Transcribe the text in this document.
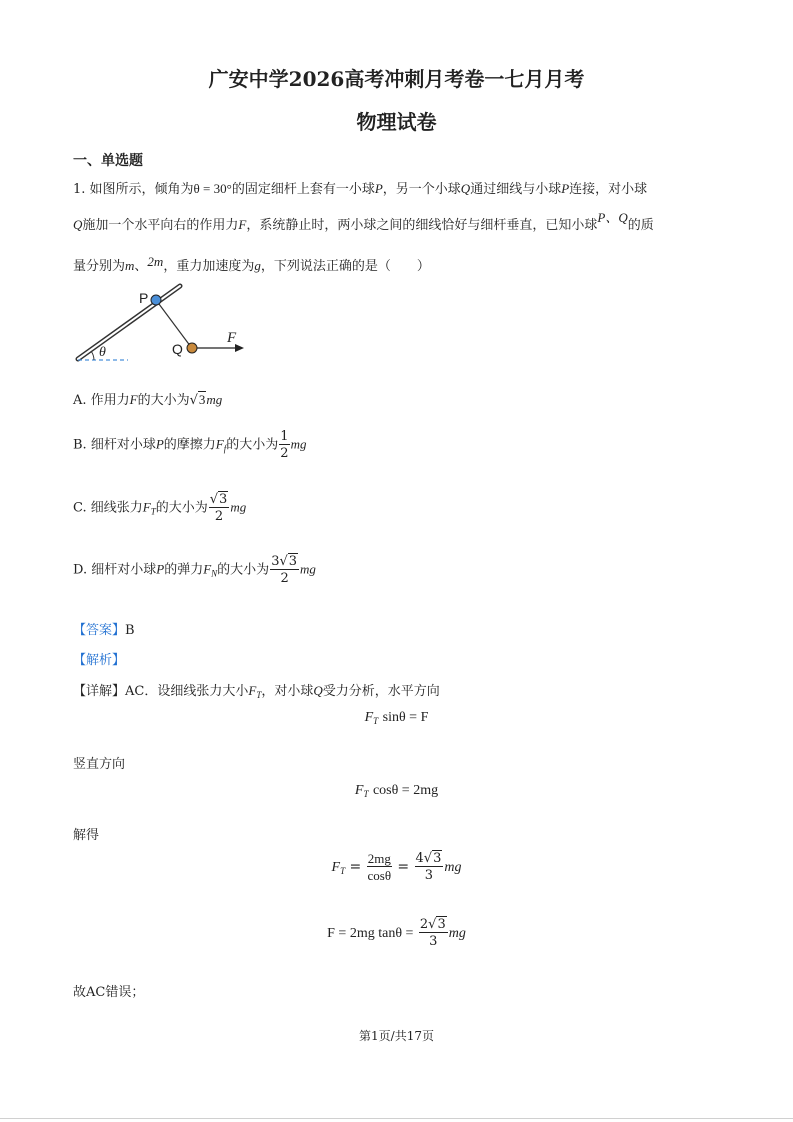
广安中学2026高考冲刺月考卷一七月月考
物理试卷
一、单选题
1. 如图所示，倾角为θ = 30°的固定细杆上套有一小球P，另一个小球Q通过细线与小球P连接，对小球
Q施加一个水平向右的作用力F，系统静止时，两小球之间的细线恰好与细杆垂直，已知小球P、Q的质
量分别为m、2m，重力加速度为g，下列说法正确的是（　　）
θ
P
Q
F
A. 作用力F的大小为√3mg
B. 细杆对小球P的摩擦力$F_f$的大小为 $\frac{1}{2}$ mg
C. 细线张力$F_T$的大小为 $\frac{√3}{2}$ mg
D. 细杆对小球P的弹力$F_N$的大小为 $\frac{3√3}{2}$ mg
【答案】B
【解析】
【详解】AC．设细线张力大小$F_T$，对小球Q受力分析，水平方向
$F_T$ sinθ = F
竖直方向
$F_T$ cosθ = 2mg
解得
$F_T = \frac{2mg}{\cos\theta} = \frac{4√3}{3}$ mg
F = 2mg $\tan\theta = \frac{2√3}{3}$ mg
故AC错误；
第1页/共17页
